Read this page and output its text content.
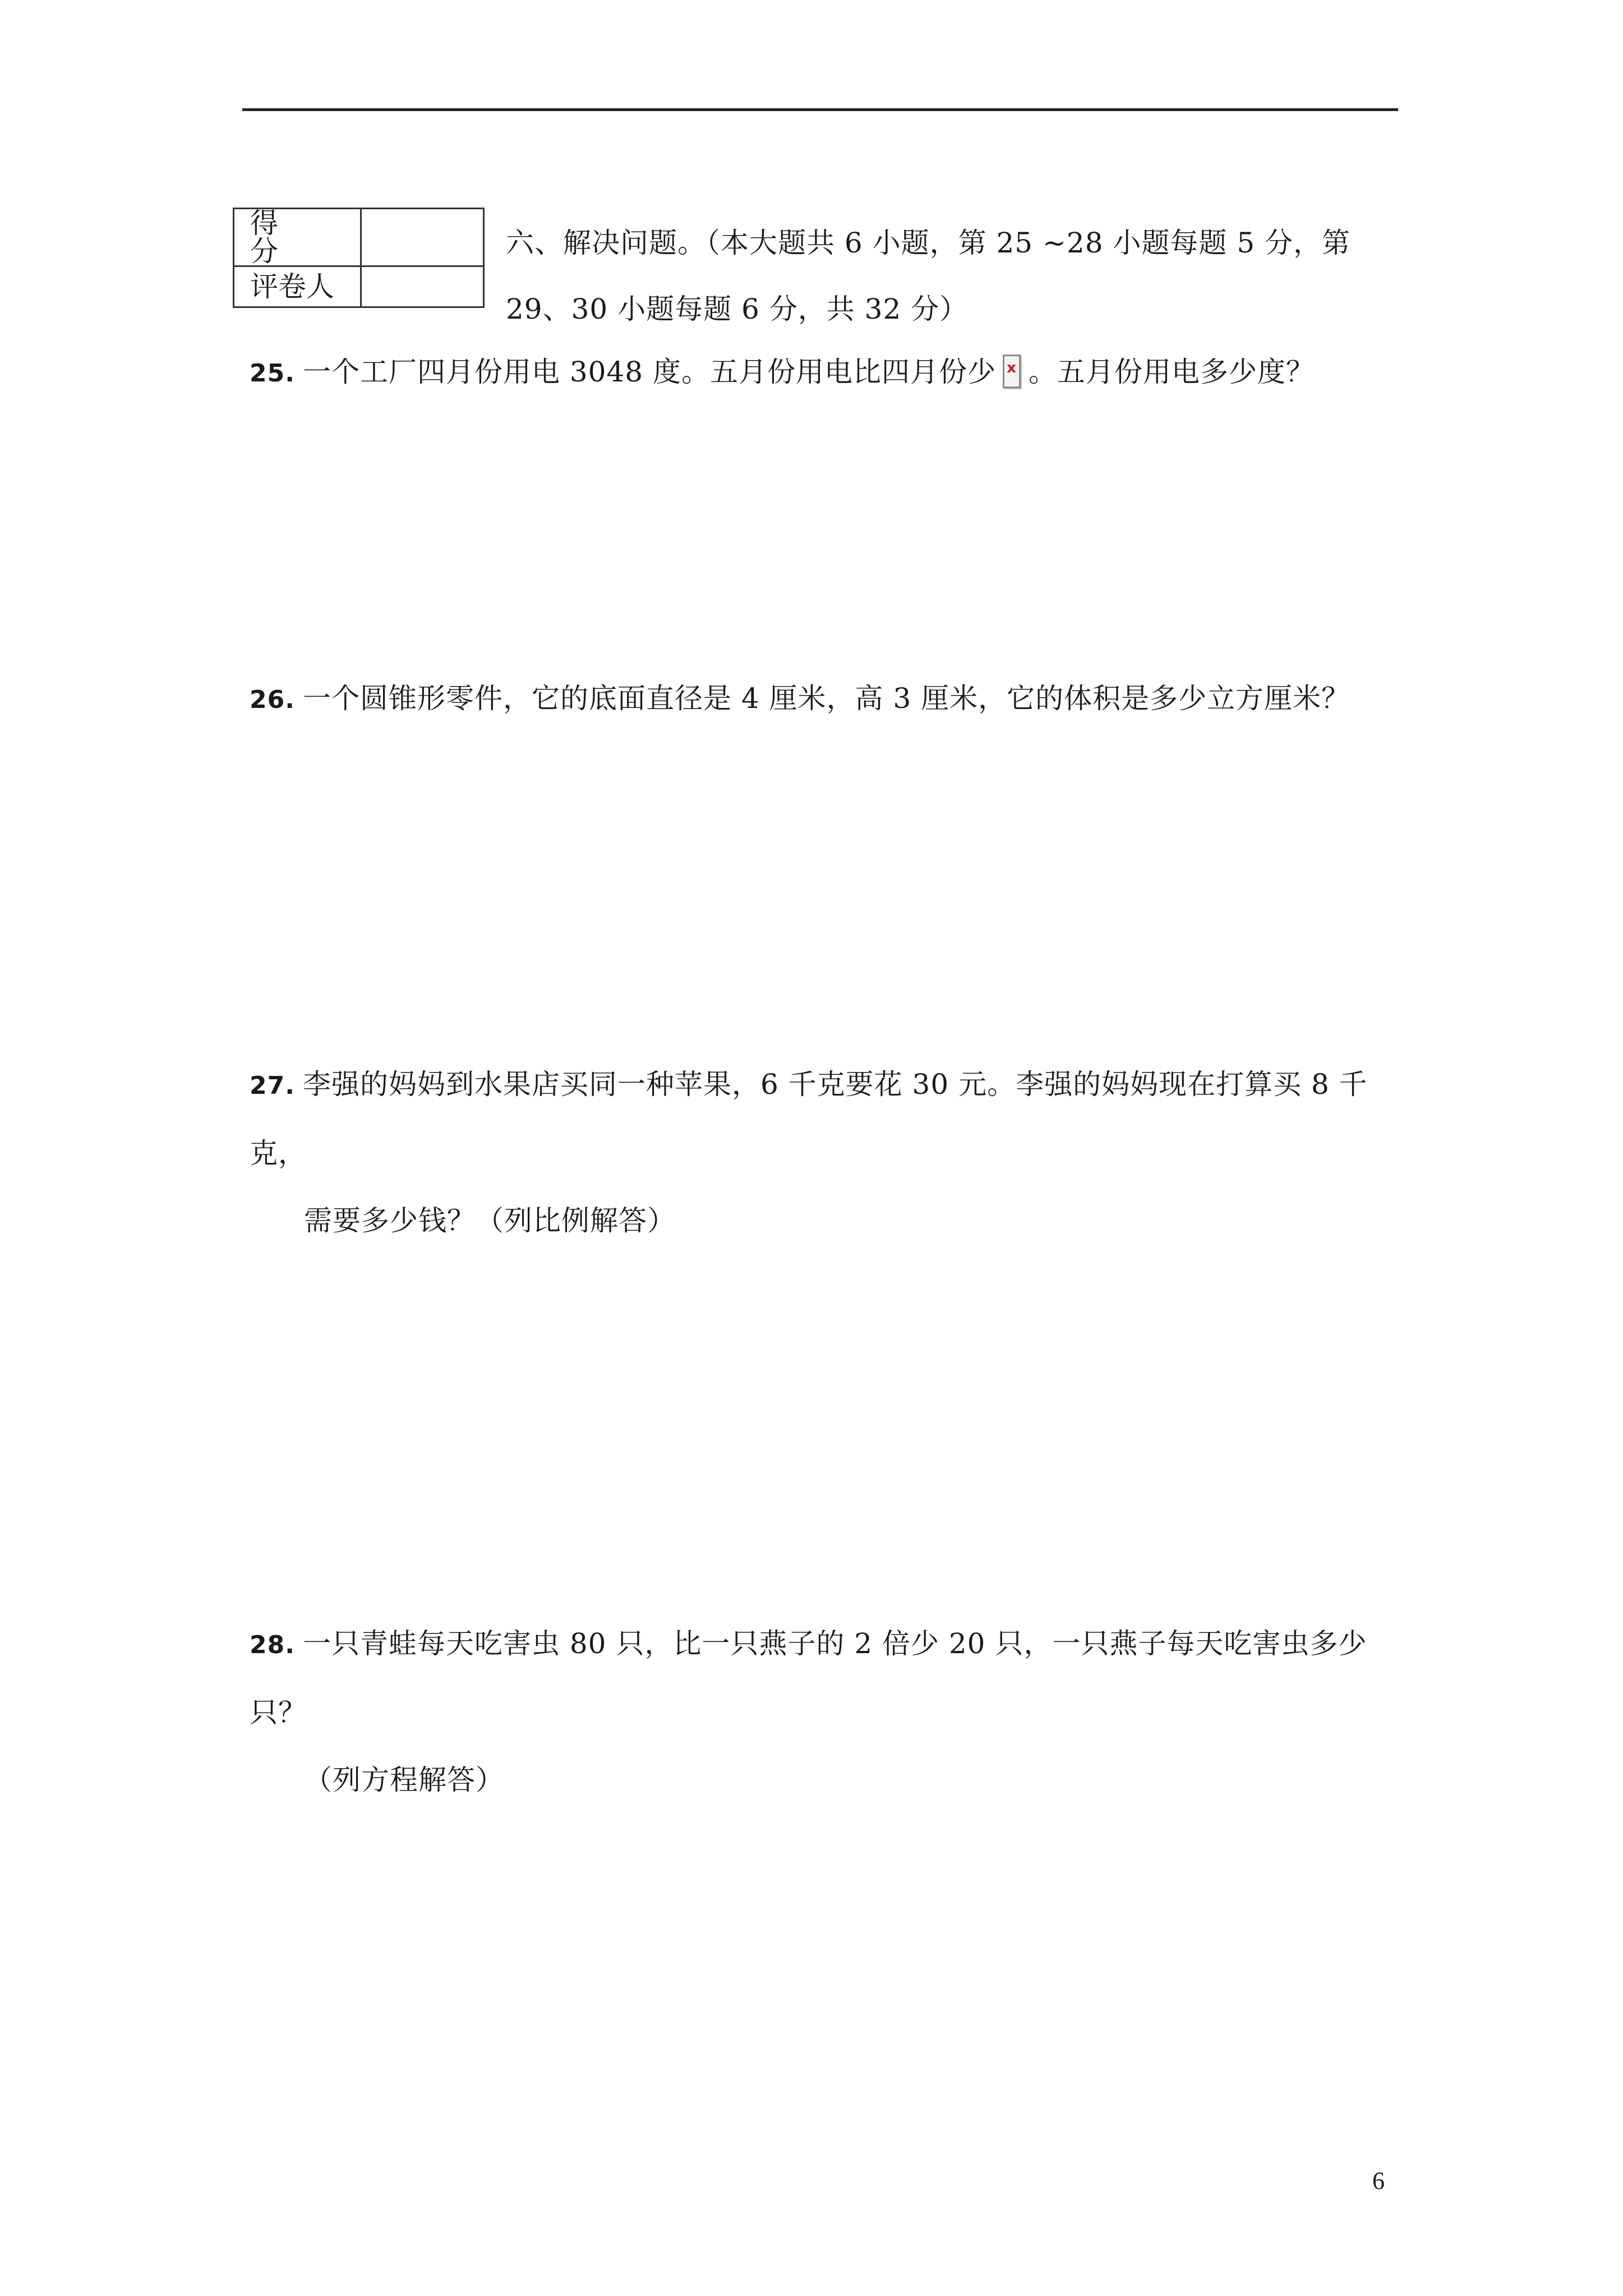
得分	
评卷人	
六、解决问题。（本大题共 6 小题，第 25 ~28 小题每题 5 分，第 29、30 小题每题 6 分，共 32 分）
25. 一个工厂四月份用电 3048 度。五月份用电比四月份少 x 。五月份用电多少度？
26. 一个圆锥形零件，它的底面直径是 4 厘米，高 3 厘米，它的体积是多少立方厘米？
27. 李强的妈妈到水果店买同一种苹果，6 千克要花 30 元。李强的妈妈现在打算买 8 千克，
需要多少钱？（列比例解答）
28. 一只青蛙每天吃害虫 80 只，比一只燕子的 2 倍少 20 只，一只燕子每天吃害虫多少只？
（列方程解答）
6
